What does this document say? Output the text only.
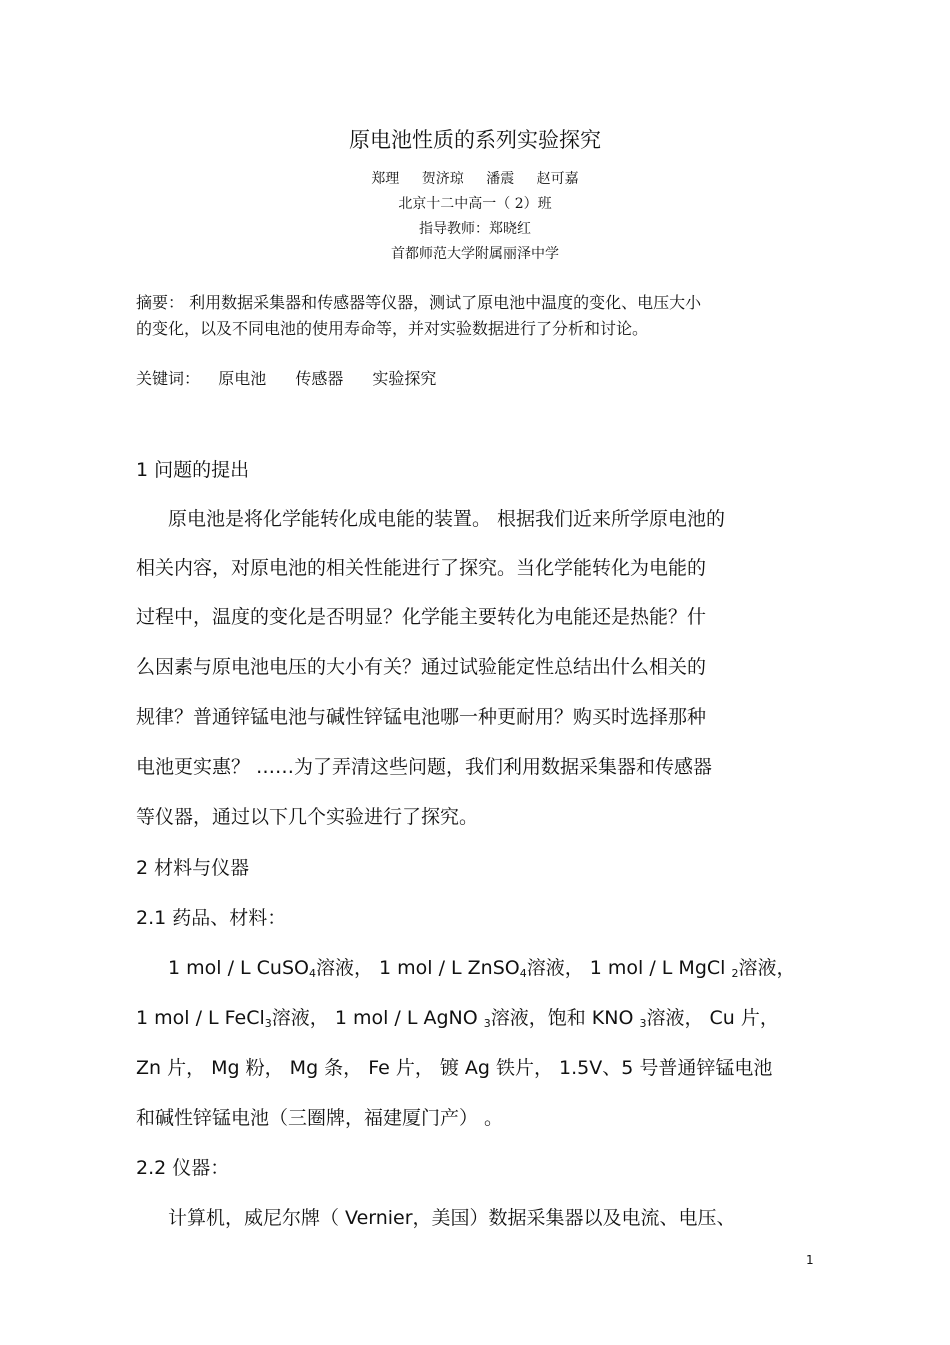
原电池性质的系列实验探究
郑理 贺济琼 潘震 赵可嘉
北京十二中高一（ 2）班
指导教师：郑晓红
首都师范大学附属丽泽中学
摘要： 利用数据采集器和传感器等仪器，测试了原电池中温度的变化、电压大小
的变化，以及不同电池的使用寿命等，并对实验数据进行了分析和讨论。
关键词： 原电池 传感器 实验探究
1 问题的提出
原电池是将化学能转化成电能的装置。 根据我们近来所学原电池的
相关内容，对原电池的相关性能进行了探究。当化学能转化为电能的
过程中，温度的变化是否明显？化学能主要转化为电能还是热能？什
么因素与原电池电压的大小有关？通过试验能定性总结出什么相关的
规律？普通锌锰电池与碱性锌锰电池哪一种更耐用？购买时选择那种
电池更实惠？ ……为了弄清这些问题，我们利用数据采集器和传感器
等仪器，通过以下几个实验进行了探究。
2 材料与仪器
2.1 药品、材料：
1 mol / L CuSO$_4$溶液， 1 mol / L ZnSO$_4$溶液， 1 mol / L MgCl $_2$溶液，
1 mol / L FeCl$_3$溶液， 1 mol / L AgNO $_3$溶液，饱和 KNO $_3$溶液， Cu 片，
Zn 片， Mg 粉， Mg 条， Fe 片， 镀 Ag 铁片， 1.5V、5 号普通锌锰电池
和碱性锌锰电池（三圈牌，福建厦门产） 。
2.2 仪器：
计算机，威尼尔牌（ Vernier，美国）数据采集器以及电流、电压、
1
